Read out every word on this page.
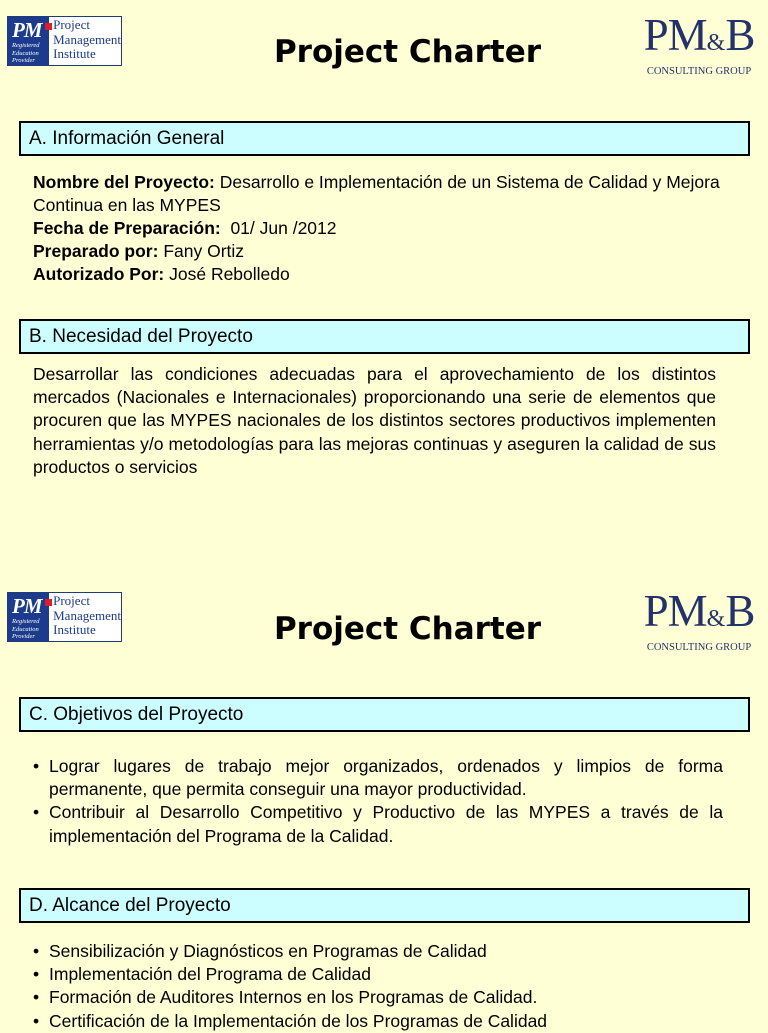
PM
Registered
Education
Provider
Project
Management
Institute	Project Charter	PM&B
CONSULTING GROUP
A. Información General
Nombre del Proyecto: Desarrollo e Implementación de un Sistema de Calidad y Mejora Continua en las MYPES
Fecha de Preparación:  01/ Jun /2012
Preparado por: Fany Ortiz
Autorizado Por: José Rebolledo
B. Necesidad del Proyecto
Desarrollar las condiciones adecuadas para el aprovechamiento de los distintos mercados (Nacionales e Internacionales) proporcionando una serie de elementos que procuren que las MYPES nacionales de los distintos sectores productivos implementen herramientas y/o metodologías para las mejoras continuas y aseguren la calidad de sus productos o servicios
PM
Registered
Education
Provider
Project
Management
Institute	Project Charter	PM&B
CONSULTING GROUP
C. Objetivos del Proyecto
• Lograr lugares de trabajo mejor organizados, ordenados y limpios de forma permanente, que permita conseguir una mayor productividad.
• Contribuir al Desarrollo Competitivo y Productivo de las MYPES a través de la implementación del Programa de la Calidad.
D. Alcance del Proyecto
• Sensibilización y Diagnósticos en Programas de Calidad
• Implementación del Programa de Calidad
• Formación de Auditores Internos en los Programas de Calidad.
• Certificación de la Implementación de los Programas de Calidad
